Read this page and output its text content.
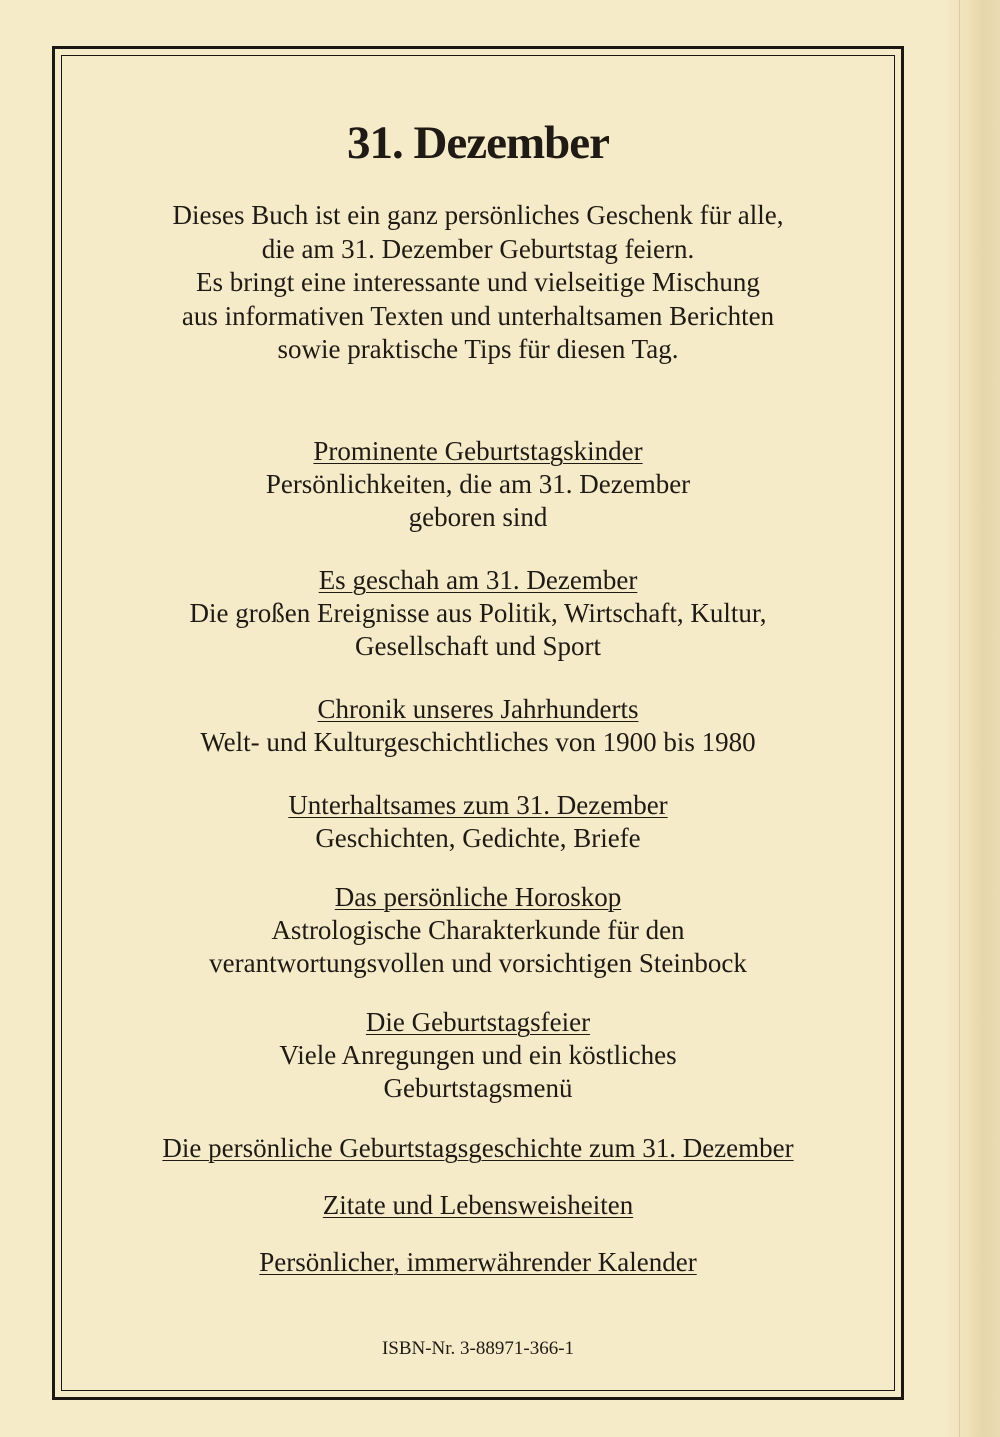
31. Dezember
Dieses Buch ist ein ganz persönliches Geschenk für alle,
die am 31. Dezember Geburtstag feiern.
Es bringt eine interessante und vielseitige Mischung
aus informativen Texten und unterhaltsamen Berichten
sowie praktische Tips für diesen Tag.
Prominente Geburtstagskinder
Persönlichkeiten, die am 31. Dezember
geboren sind
Es geschah am 31. Dezember
Die großen Ereignisse aus Politik, Wirtschaft, Kultur,
Gesellschaft und Sport
Chronik unseres Jahrhunderts
Welt- und Kulturgeschichtliches von 1900 bis 1980
Unterhaltsames zum 31. Dezember
Geschichten, Gedichte, Briefe
Das persönliche Horoskop
Astrologische Charakterkunde für den
verantwortungsvollen und vorsichtigen Steinbock
Die Geburtstagsfeier
Viele Anregungen und ein köstliches
Geburtstagsmenü
Die persönliche Geburtstagsgeschichte zum 31. Dezember
Zitate und Lebensweisheiten
Persönlicher, immerwährender Kalender
ISBN-Nr. 3-88971-366-1
